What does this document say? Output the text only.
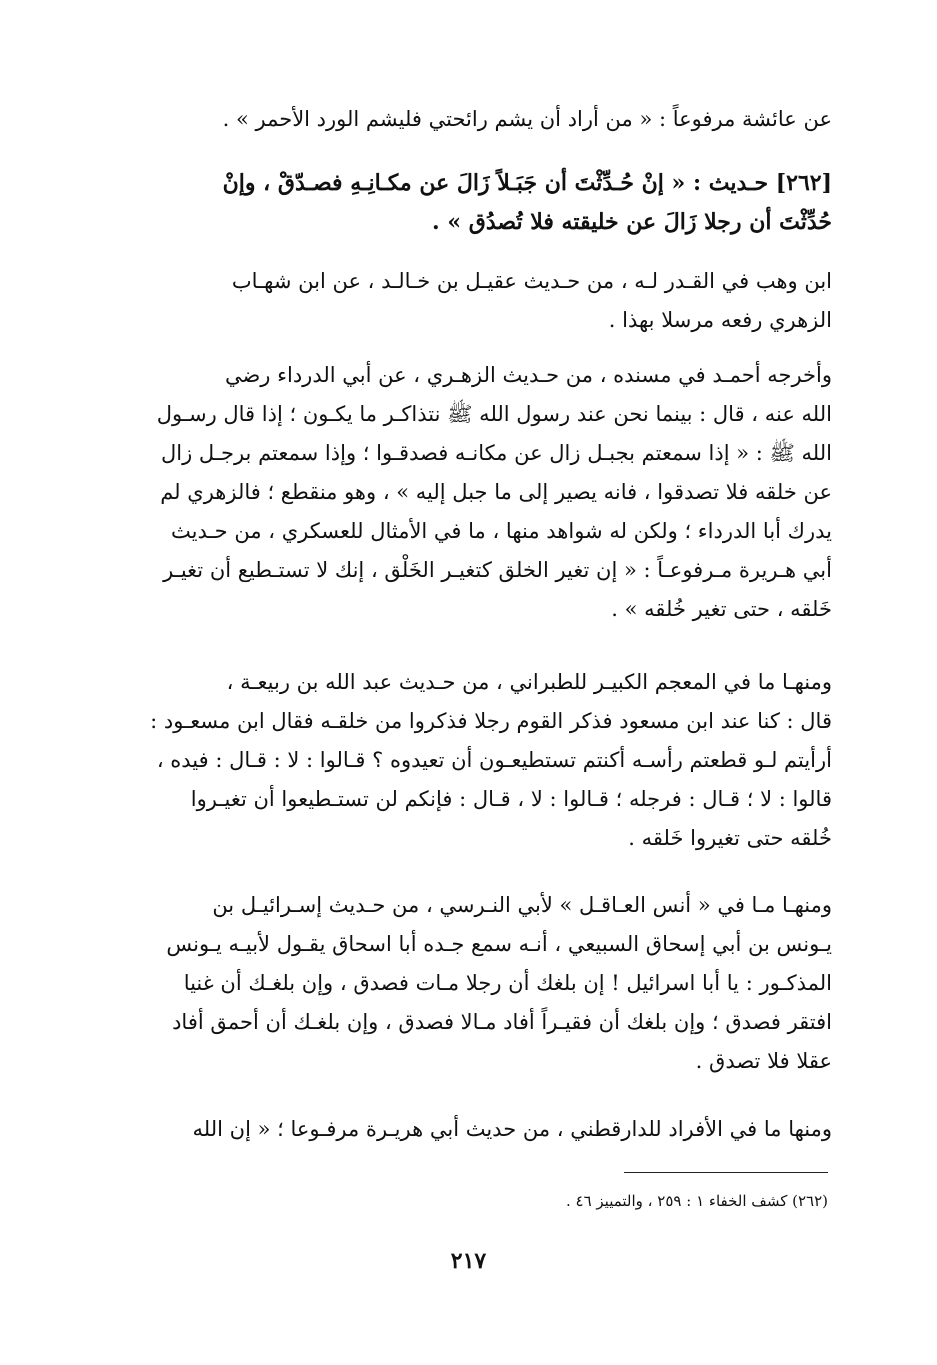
عن عائشة مرفوعاً : « من أراد أن يشم رائحتي فليشم الورد الأحمر » .
[٢٦٢] حـديث : « إنْ حُـدِّثْتَ أن جَبَـلاً زَالَ عن مكـانِـهِ فصـدّقْ ، وإنْ
حُدِّثْتَ أن رجلا زَالَ عن خليقته فلا تُصدُق » .
ابن وهب في القـدر لـه ، من حـديث عقيـل بن خـالـد ، عن ابن شهـاب
الزهري رفعه مرسلا بهذا .
وأخرجه أحمـد في مسنده ، من حـديث الزهـري ، عن أبي الدرداء رضي
الله عنه ، قال : بينما نحن عند رسول الله ﷺ نتذاكـر ما يكـون ؛ إذا قال رسـول
الله ﷺ : « إذا سمعتم بجبـل زال عن مكانـه فصدقـوا ؛ وإذا سمعتم برجـل زال
عن خلقه فلا تصدقوا ، فانه يصير إلى ما جبل إليه » ، وهو منقطع ؛ فالزهري لم
يدرك أبا الدرداء ؛ ولكن له شواهد منها ، ما في الأمثال للعسكري ، من حـديث
أبي هـريرة مـرفوعـاً : « إن تغير الخلق كتغيـر الخَلْق ، إنك لا تستـطيع أن تغيـر
خَلقه ، حتى تغير خُلقه » .
ومنهـا ما في المعجم الكبيـر للطبراني ، من حـديث عبد الله بن ربيعـة ،
قال : كنا عند ابن مسعود فذكر القوم رجلا فذكروا من خلقـه فقال ابن مسعـود :
أرأيتم لـو قطعتم رأسـه أكنتم تستطيعـون أن تعيدوه ؟ قـالوا : لا : قـال : فيده ،
قالوا : لا ؛ قـال : فرجله ؛ قـالوا : لا ، قـال : فإنكم لن تستـطيعوا أن تغيـروا
خُلقه حتى تغيروا خَلقه .
ومنهـا مـا في « أنس العـاقـل » لأبي النـرسي ، من حـديث إسـرائيـل بن
يـونس بن أبي إسحاق السبيعي ، أنـه سمع جـده أبا اسحاق يقـول لأبيـه يـونس
المذكـور : يا أبا اسرائيل ! إن بلغك أن رجلا مـات فصدق ، وإن بلغـك أن غنيا
افتقر فصدق ؛ وإن بلغك أن فقيـراً أفاد مـالا فصدق ، وإن بلغـك أن أحمق أفاد
عقلا فلا تصدق .
ومنها ما في الأفراد للدارقطني ، من حديث أبي هريـرة مرفـوعا ؛ « إن الله
(٢٦٢) كشف الخفاء ١ : ٢٥٩ ، والتمييز ٤٦ .
٢١٧
